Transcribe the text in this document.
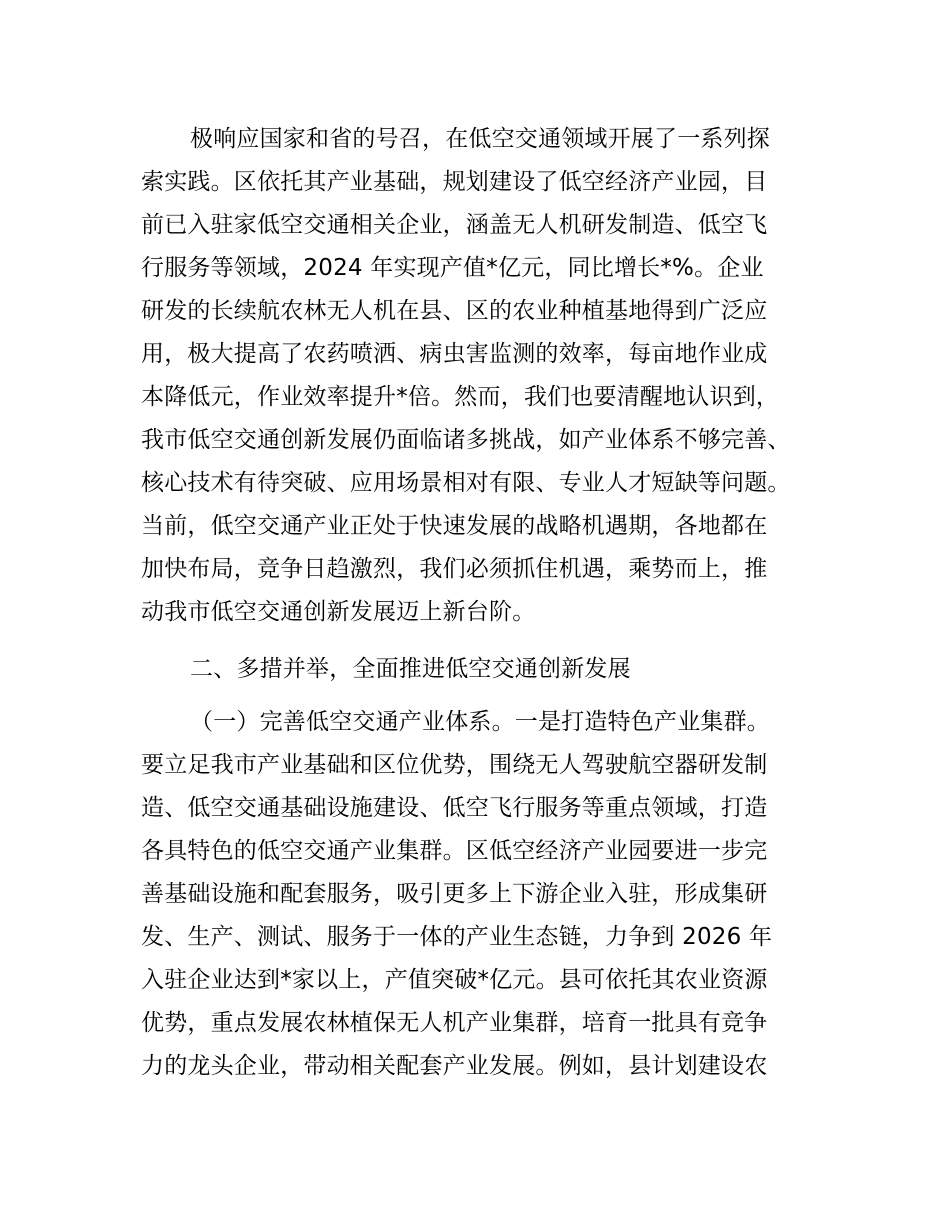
极响应国家和省的号召，在低空交通领域开展了一系列探
索实践。区依托其产业基础，规划建设了低空经济产业园，目
前已入驻家低空交通相关企业，涵盖无人机研发制造、低空飞
行服务等领域，2024 年实现产值*亿元，同比增长*%。企业
研发的长续航农林无人机在县、区的农业种植基地得到广泛应
用，极大提高了农药喷洒、病虫害监测的效率，每亩地作业成
本降低元，作业效率提升*倍。然而，我们也要清醒地认识到，
我市低空交通创新发展仍面临诸多挑战，如产业体系不够完善、
核心技术有待突破、应用场景相对有限、专业人才短缺等问题。
当前，低空交通产业正处于快速发展的战略机遇期，各地都在
加快布局，竞争日趋激烈，我们必须抓住机遇，乘势而上，推
动我市低空交通创新发展迈上新台阶。
二、多措并举，全面推进低空交通创新发展
（一）完善低空交通产业体系。一是打造特色产业集群。
要立足我市产业基础和区位优势，围绕无人驾驶航空器研发制
造、低空交通基础设施建设、低空飞行服务等重点领域，打造
各具特色的低空交通产业集群。区低空经济产业园要进一步完
善基础设施和配套服务，吸引更多上下游企业入驻，形成集研
发、生产、测试、服务于一体的产业生态链，力争到 2026 年
入驻企业达到*家以上，产值突破*亿元。县可依托其农业资源
优势，重点发展农林植保无人机产业集群，培育一批具有竞争
力的龙头企业，带动相关配套产业发展。例如，县计划建设农
